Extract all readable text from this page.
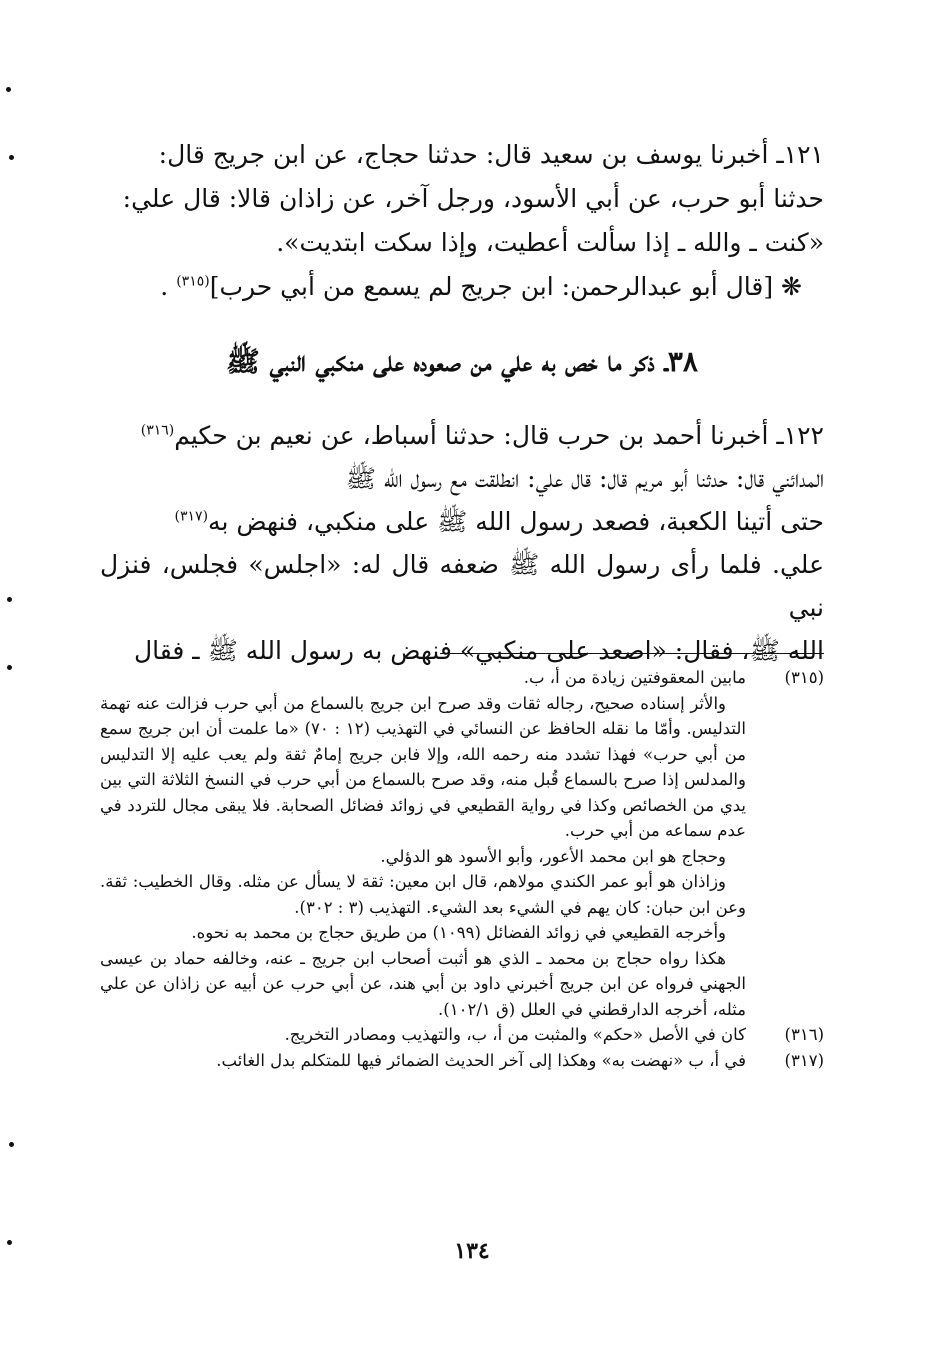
١٢١ـ أخبرنا يوسف بن سعيد قال: حدثنا حجاج، عن ابن جريج قال:

حدثنا أبو حرب، عن أبي الأسود، ورجل آخر، عن زاذان قالا: قال علي:

«كنت ـ والله ـ إذا سألت أعطيت، وإذا سكت ابتديت».

❋ [قال أبو عبدالرحمن: ابن جريج لم يسمع من أبي حرب]$^{(٣١٥)}$ .

٣٨ـ ذكر ما خص به علي من صعوده على منكبي النبي ﷺ

١٢٢ـ أخبرنا أحمد بن حرب قال: حدثنا أسباط، عن نعيم بن حكيم$^{(٣١٦)}$

المدائني قال: حدثنا أبو مريم قال: قال علي: انطلقت مع رسول الله ﷺ

حتى أتينا الكعبة، فصعد رسول الله ﷺ على منكبي، فنهض به$^{(٣١٧)}$

علي. فلما رأى رسول الله ﷺ ضعفه قال له: «اجلس» فجلس، فنزل نبي

الله ﷺ، فقال: «اصعد على منكبي» فنهض به رسول الله ﷺ ـ فقال

(٣١٥)
مابين المعقوفتين زيادة من أ، ب.

والأثر إسناده صحيح، رجاله ثقات وقد صرح ابن جريج بالسماع من أبي حرب فزالت عنه تهمة التدليس. وأمّا ما نقله الحافظ عن النسائي في التهذيب (١٢ : ٧٠) «ما علمت أن ابن جريج سمع من أبي حرب» فهذا تشدد منه رحمه الله، وإلا فابن جريج إمامٌ ثقة ولم يعب عليه إلا التدليس والمدلس إذا صرح بالسماع قُبل منه، وقد صرح بالسماع من أبي حرب في النسخ الثلاثة التي بين يدي من الخصائص وكذا في رواية القطيعي في زوائد فضائل الصحابة. فلا يبقى مجال للتردد في عدم سماعه من أبي حرب.

وحجاج هو ابن محمد الأعور، وأبو الأسود هو الدؤلي.

وزاذان هو أبو عمر الكندي مولاهم، قال ابن معين: ثقة لا يسأل عن مثله. وقال الخطيب: ثقة. وعن ابن حبان: كان يهم في الشيء بعد الشيء. التهذيب (٣ : ٣٠٢).

وأخرجه القطيعي في زوائد الفضائل (١٠٩٩) من طريق حجاج بن محمد به نحوه.

هكذا رواه حجاج بن محمد ـ الذي هو أثبت أصحاب ابن جريج ـ عنه، وخالفه حماد بن عيسى الجهني فرواه عن ابن جريج أخبرني داود بن أبي هند، عن أبي حرب عن أبيه عن زاذان عن علي مثله، أخرجه الدارقطني في العلل (ق ١٠٢/١).

(٣١٦)
كان في الأصل «حكم» والمثبت من أ، ب، والتهذيب ومصادر التخريج.
(٣١٧)
في أ، ب «نهضت به» وهكذا إلى آخر الحديث الضمائر فيها للمتكلم بدل الغائب.
١٣٤
